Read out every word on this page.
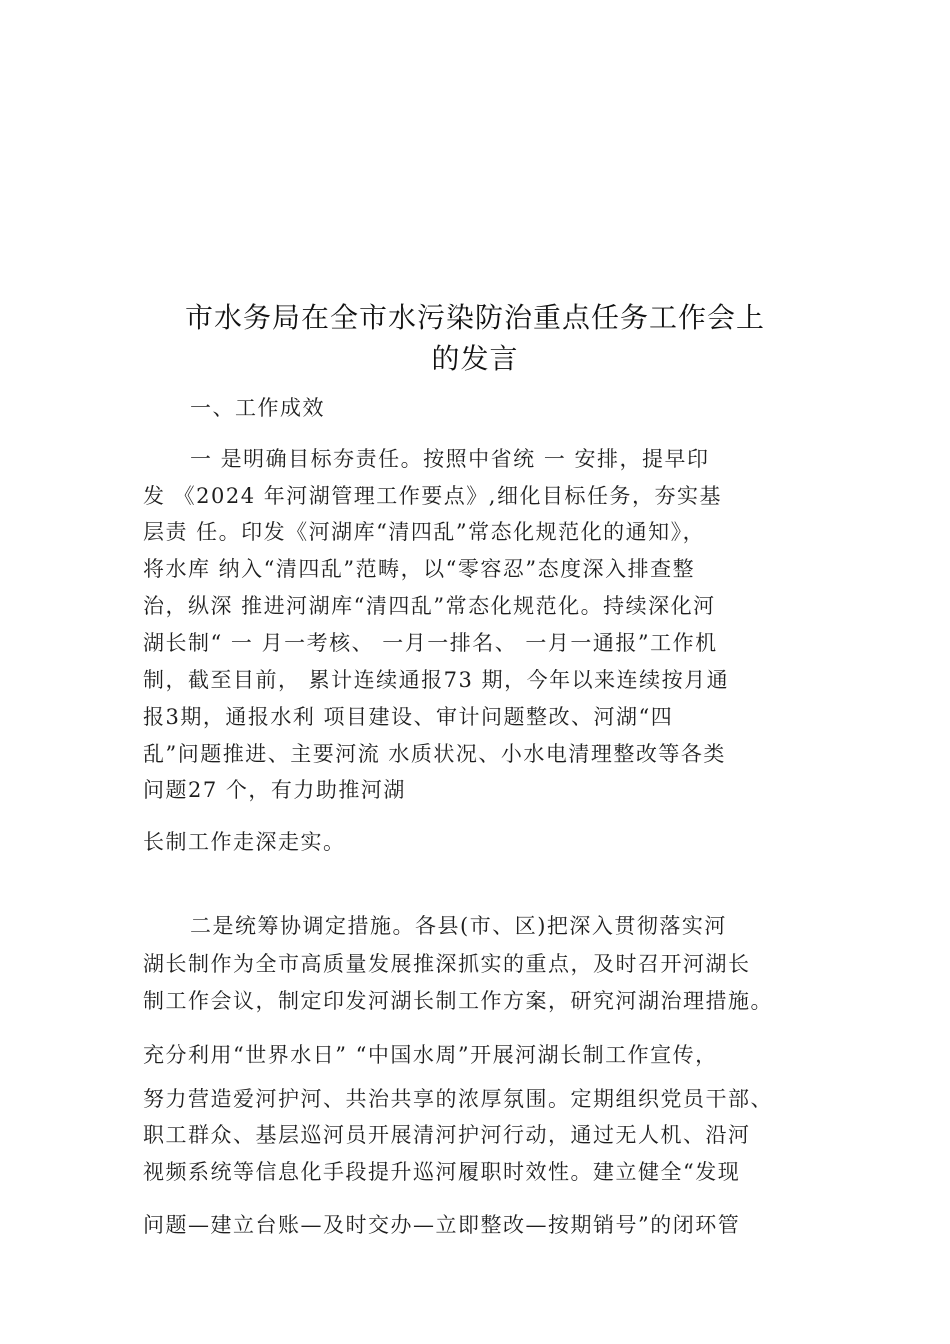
市水务局在全市水污染防治重点任务工作会上
的发言
一、工作成效
一 是明确目标夯责任。按照中省统 一 安排，提早印
发 《2024 年河湖管理工作要点》,细化目标任务，夯实基
层责 任。印发《河湖库“清四乱”常态化规范化的通知》，
将水库 纳入“清四乱”范畴，以“零容忍”态度深入排查整
治，纵深 推进河湖库“清四乱”常态化规范化。持续深化河
湖长制“ 一 月一考核、 一月一排名、 一月一通报”工作机
制，截至目前， 累计连续通报73 期，今年以来连续按月通
报3期，通报水利 项目建设、审计问题整改、河湖“四
乱”问题推进、主要河流 水质状况、小水电清理整改等各类
问题27 个，有力助推河湖
长制工作走深走实。
二是统筹协调定措施。各县(市、区)把深入贯彻落实河
湖长制作为全市高质量发展推深抓实的重点，及时召开河湖长
制工作会议，制定印发河湖长制工作方案，研究河湖治理措施。
充分利用“世界水日” “中国水周”开展河湖长制工作宣传，
努力营造爱河护河、共治共享的浓厚氛围。定期组织党员干部、
职工群众、基层巡河员开展清河护河行动，通过无人机、沿河
视频系统等信息化手段提升巡河履职时效性。建立健全“发现
问题—建立台账—及时交办—立即整改—按期销号”的闭环管
